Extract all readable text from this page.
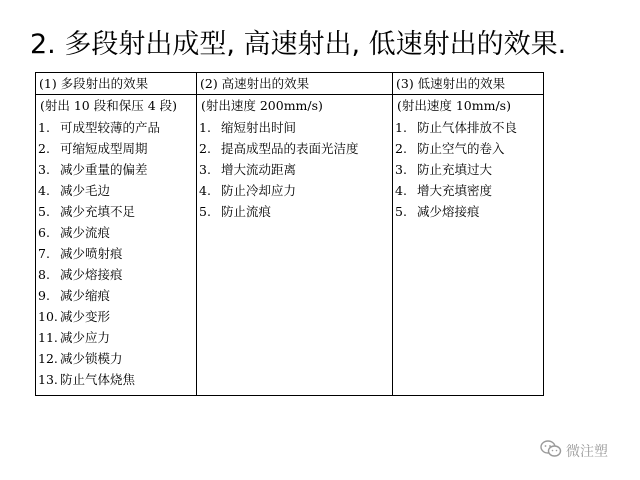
2. 多段射出成型, 高速射出, 低速射出的效果.
(1) 多段射出的效果
(射出 10 段和保压 4 段)
1. 可成型较薄的产品
2. 可缩短成型周期
3. 减少重量的偏差
4. 减少毛边
5. 减少充填不足
6. 减少流痕
7. 减少喷射痕
8. 减少熔接痕
9. 减少缩痕
10. 减少变形
11. 减少应力
12. 减少锁模力
13. 防止气体烧焦
(2) 高速射出的效果
(射出速度 200mm/s)
1. 缩短射出时间
2. 提高成型品的表面光洁度
3. 增大流动距离
4. 防止冷却应力
5. 防止流痕
(3) 低速射出的效果
(射出速度 10mm/s)
1. 防止气体排放不良
2. 防止空气的卷入
3. 防止充填过大
4. 增大充填密度
5. 减少熔接痕
微注塑
